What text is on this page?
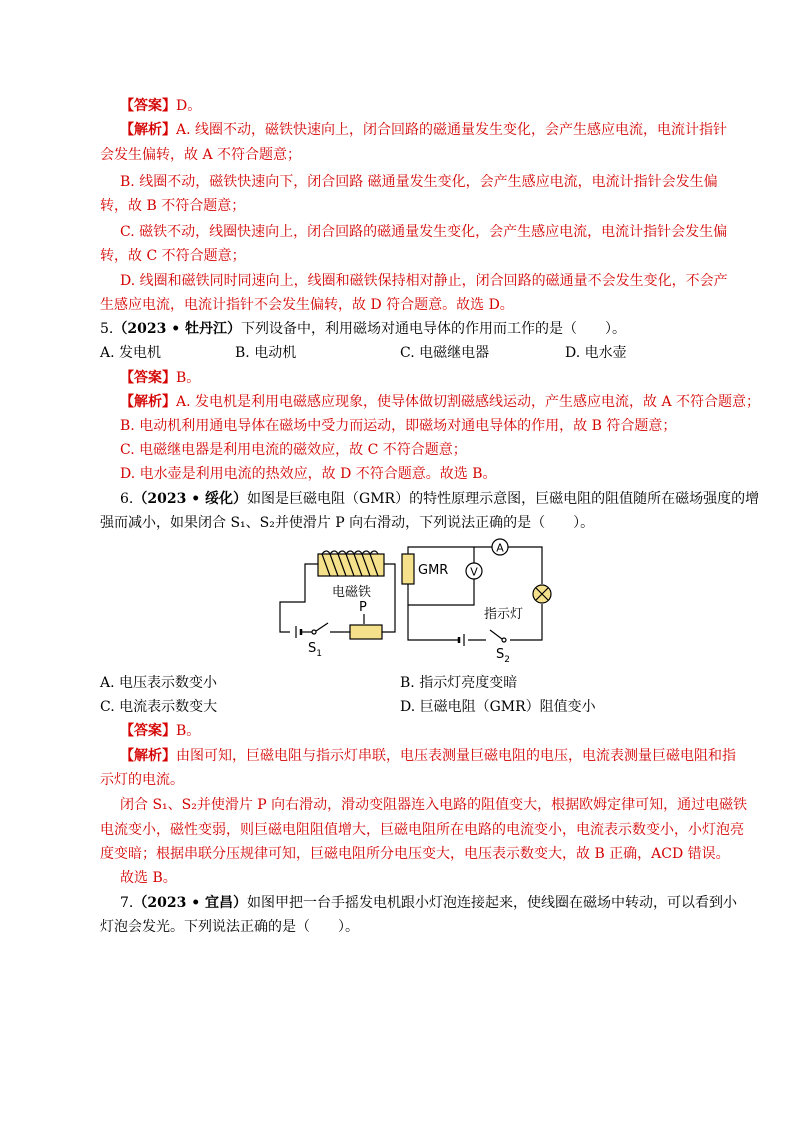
【答案】D。
【解析】A. 线圈不动，磁铁快速向上，闭合回路的磁通量发生变化，会产生感应电流，电流计指针
会发生偏转，故 A 不符合题意；
B. 线圈不动，磁铁快速向下，闭合回路 磁通量发生变化，会产生感应电流，电流计指针会发生偏
转，故 B 不符合题意；
C. 磁铁不动，线圈快速向上，闭合回路的磁通量发生变化，会产生感应电流，电流计指针会发生偏
转，故 C 不符合题意；
D. 线圈和磁铁同时同速向上，线圈和磁铁保持相对静止，闭合回路的磁通量不会发生变化，不会产
生感应电流，电流计指针不会发生偏转，故 D 符合题意。故选 D。
5.（2023 • 牡丹江）下列设备中，利用磁场对通电导体的作用而工作的是（　　）。
A. 发电机	B. 电动机	C. 电磁继电器	D. 电水壶
【答案】B。
【解析】A. 发电机是利用电磁感应现象，使导体做切割磁感线运动，产生感应电流，故 A 不符合题意；
B. 电动机利用通电导体在磁场中受力而运动，即磁场对通电导体的作用，故 B 符合题意；
C. 电磁继电器是利用电流的磁效应，故 C 不符合题意；
D. 电水壶是利用电流的热效应，故 D 不符合题意。故选 B。
6.（2023 • 绥化）如图是巨磁电阻（GMR）的特性原理示意图，巨磁电阻的阻值随所在磁场强度的增
强而减小，如果闭合 S₁、S₂并使滑片 P 向右滑动，下列说法正确的是（　　）。
A
V
GMR
电磁铁
P	指示灯
$S_1$	$S_2$
A. 电压表示数变小	B. 指示灯亮度变暗
C. 电流表示数变大	D. 巨磁电阻（GMR）阻值变小
【答案】B。
【解析】由图可知，巨磁电阻与指示灯串联，电压表测量巨磁电阻的电压，电流表测量巨磁电阻和指
示灯的电流。
闭合 S₁、S₂并使滑片 P 向右滑动，滑动变阻器连入电路的阻值变大，根据欧姆定律可知，通过电磁铁
电流变小，磁性变弱，则巨磁电阻阻值增大，巨磁电阻所在电路的电流变小，电流表示数变小，小灯泡亮
度变暗；根据串联分压规律可知，巨磁电阻所分电压变大，电压表示数变大，故 B 正确，ACD 错误。
故选 B。
7.（2023 • 宜昌）如图甲把一台手摇发电机跟小灯泡连接起来，使线圈在磁场中转动，可以看到小
灯泡会发光。下列说法正确的是（　　）。
